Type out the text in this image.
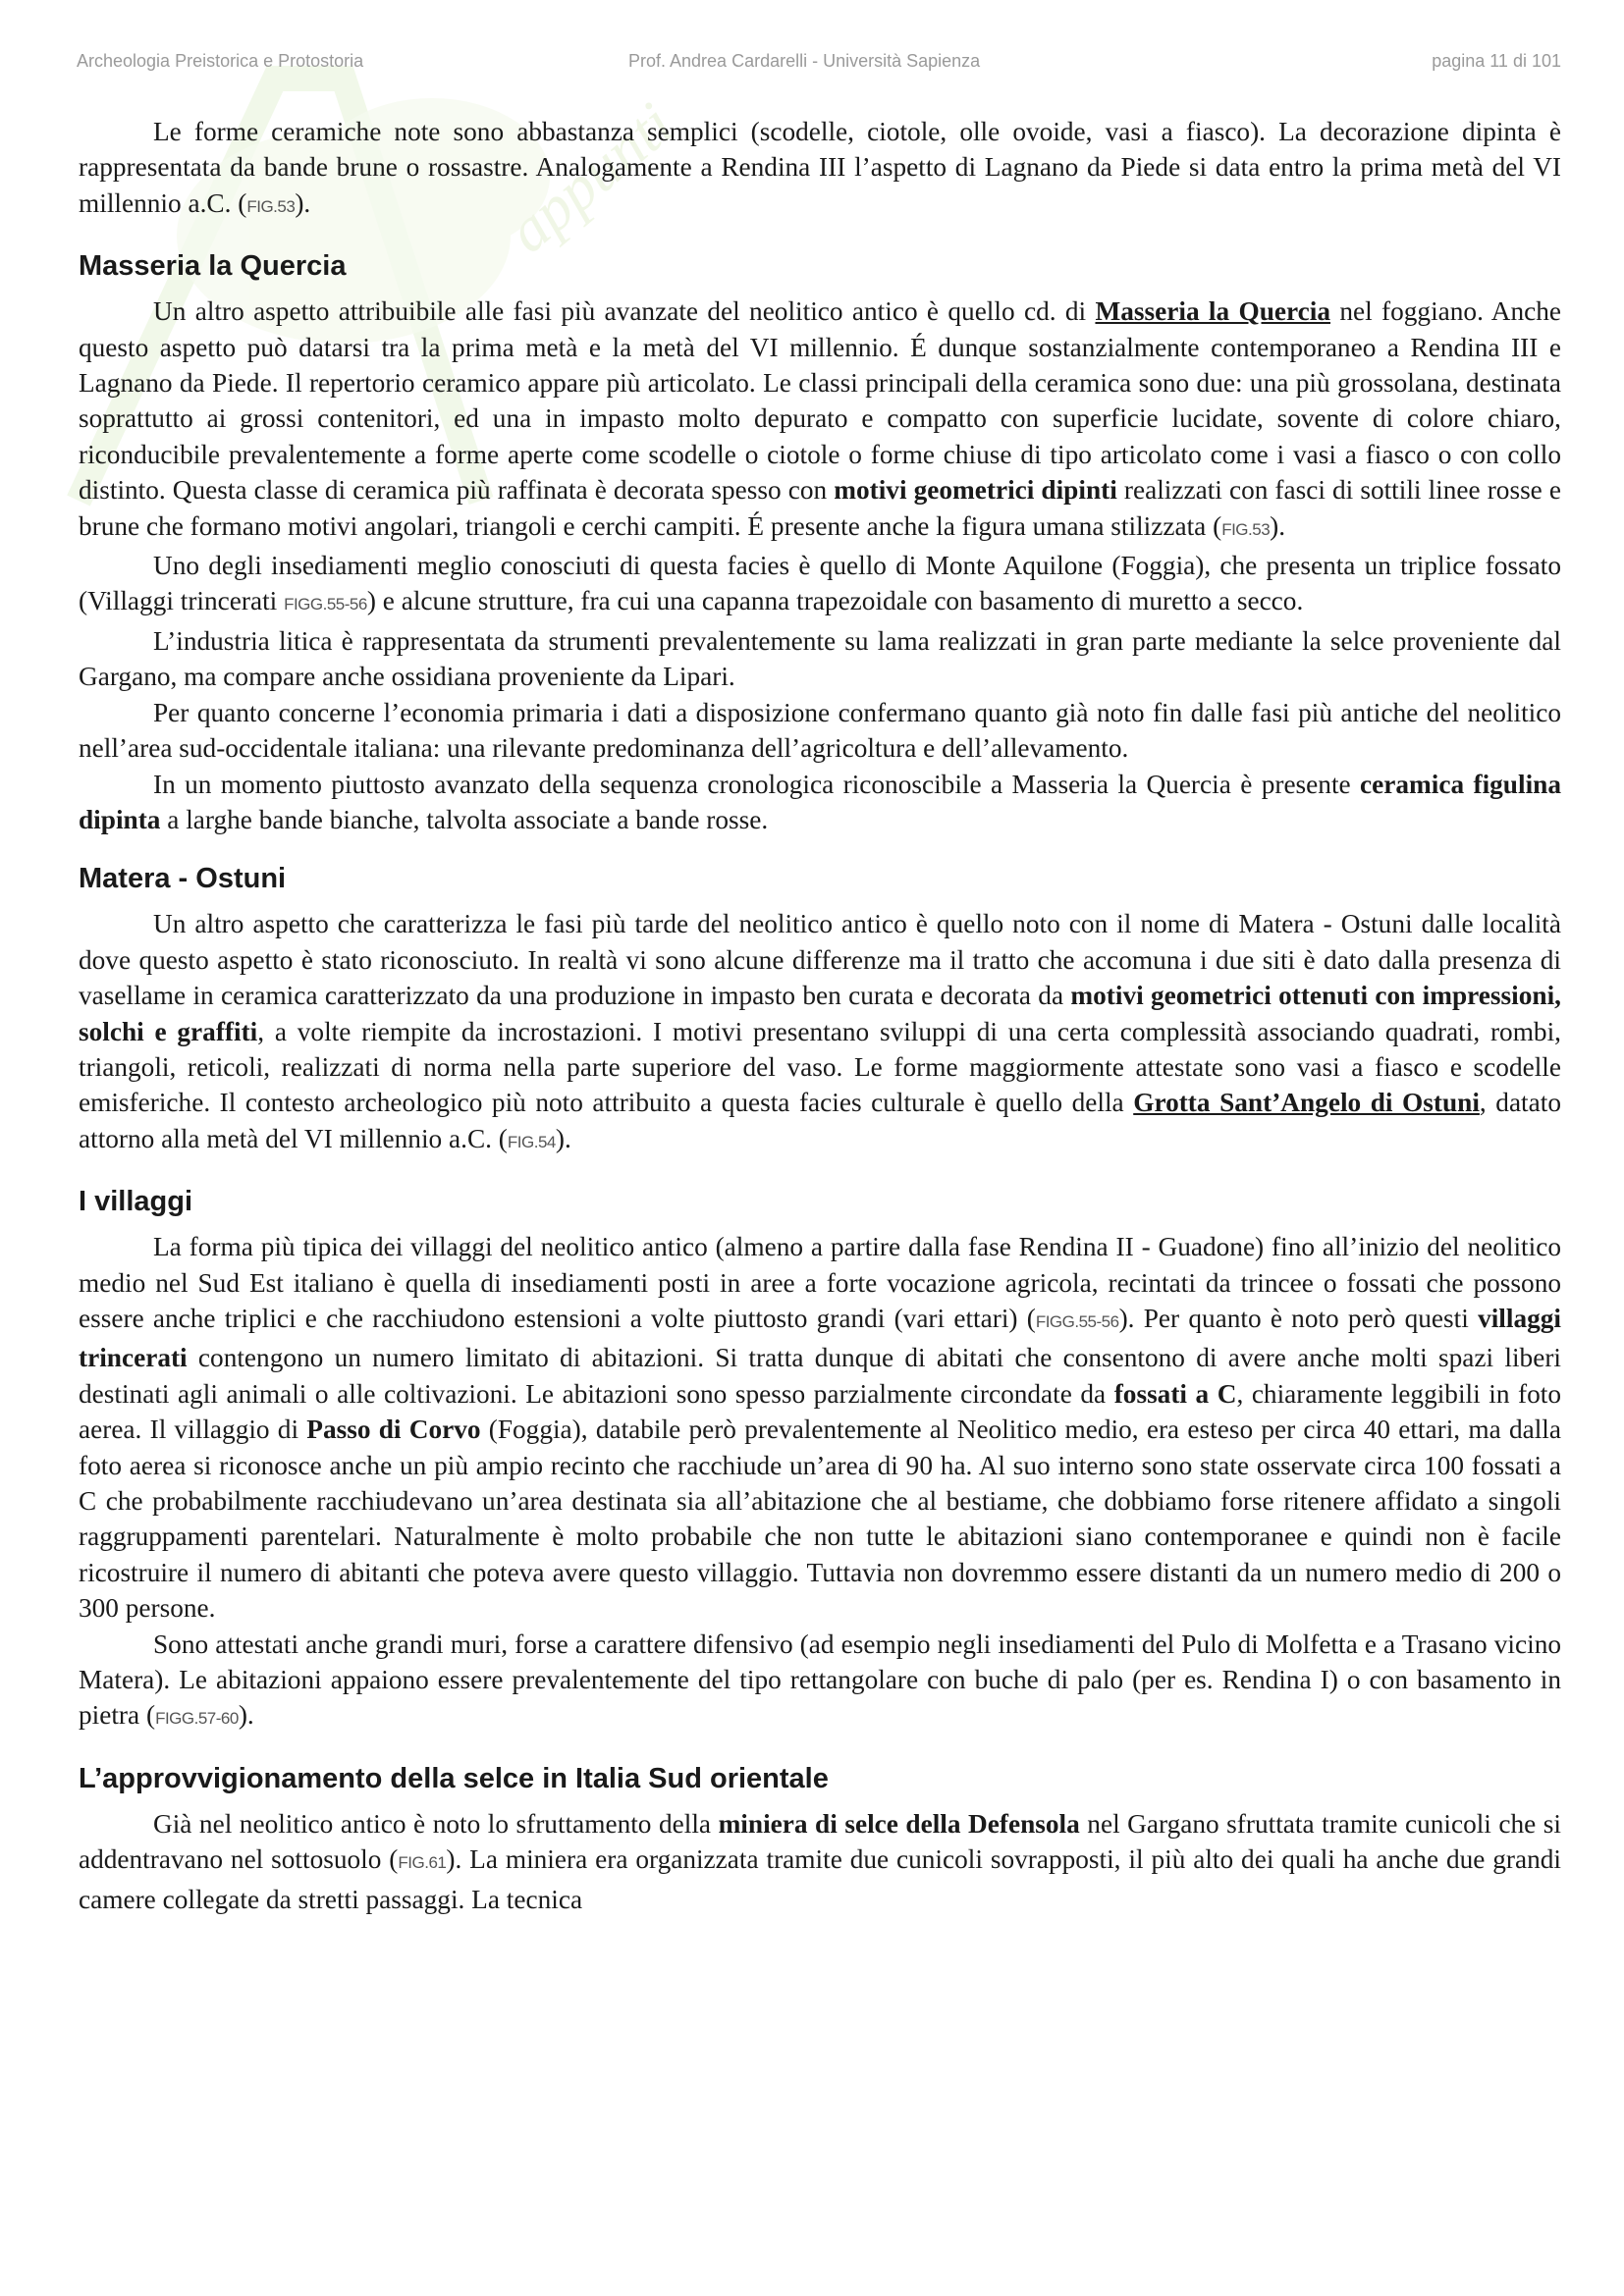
appunti
Archeologia Preistorica e Protostoria	Prof. Andrea Cardarelli - Università Sapienza	pagina 11 di 101

Le forme ceramiche note sono abbastanza semplici (scodelle, ciotole, olle ovoide, vasi a fiasco). La decorazione dipinta è rappresentata da bande brune o rossastre. Analogamente a Rendina III l’aspetto di Lagnano da Piede si data entro la prima metà del VI millennio a.C. (FIG.53).

Masseria la Quercia

Un altro aspetto attribuibile alle fasi più avanzate del neolitico antico è quello cd. di Masseria la Quercia nel foggiano. Anche questo aspetto può datarsi tra la prima metà e la metà del VI millennio. É dunque sostanzialmente contemporaneo a Rendina III e Lagnano da Piede. Il repertorio ceramico appare più articolato. Le classi principali della ceramica sono due: una più grossolana, destinata soprattutto ai grossi contenitori, ed una in impasto molto depurato e compatto con superficie lucidate, sovente di colore chiaro, riconducibile prevalentemente a forme aperte come scodelle o ciotole o forme chiuse di tipo articolato come i vasi a fiasco o con collo distinto. Questa classe di ceramica più raffinata è decorata spesso con motivi geometrici dipinti realizzati con fasci di sottili linee rosse e brune che formano motivi angolari, triangoli e cerchi campiti. É presente anche la figura umana stilizzata (FIG.53).

Uno degli insediamenti meglio conosciuti di questa facies è quello di Monte Aquilone (Foggia), che presenta un triplice fossato (Villaggi trincerati FIGG.55-56) e alcune strutture, fra cui una capanna trapezoidale con basamento di muretto a secco.

L’industria litica è rappresentata da strumenti prevalentemente su lama realizzati in gran parte mediante la selce proveniente dal Gargano, ma compare anche ossidiana proveniente da Lipari.

Per quanto concerne l’economia primaria i dati a disposizione confermano quanto già noto fin dalle fasi più antiche del neolitico nell’area sud-occidentale italiana: una rilevante predominanza dell’agricoltura e dell’allevamento.

In un momento piuttosto avanzato della sequenza cronologica riconoscibile a Masseria la Quercia è presente ceramica figulina dipinta a larghe bande bianche, talvolta associate a bande rosse.

Matera - Ostuni

Un altro aspetto che caratterizza le fasi più tarde del neolitico antico è quello noto con il nome di Matera - Ostuni dalle località dove questo aspetto è stato riconosciuto. In realtà vi sono alcune differenze ma il tratto che accomuna i due siti è dato dalla presenza di vasellame in ceramica caratterizzato da una produzione in impasto ben curata e decorata da motivi geometrici ottenuti con impressioni, solchi e graffiti, a volte riempite da incrostazioni. I motivi presentano sviluppi di una certa complessità associando quadrati, rombi, triangoli, reticoli, realizzati di norma nella parte superiore del vaso. Le forme maggiormente attestate sono vasi a fiasco e scodelle emisferiche. Il contesto archeologico più noto attribuito a questa facies culturale è quello della Grotta Sant’Angelo di Ostuni, datato attorno alla metà del VI millennio a.C. (FIG.54).

I villaggi

La forma più tipica dei villaggi del neolitico antico (almeno a partire dalla fase Rendina II - Guadone) fino all’inizio del neolitico medio nel Sud Est italiano è quella di insediamenti posti in aree a forte vocazione agricola, recintati da trincee o fossati che possono essere anche triplici e che racchiudono estensioni a volte piuttosto grandi (vari ettari) (FIGG.55-56). Per quanto è noto però questi villaggi trincerati contengono un numero limitato di abitazioni. Si tratta dunque di abitati che consentono di avere anche molti spazi liberi destinati agli animali o alle coltivazioni. Le abitazioni sono spesso parzialmente circondate da fossati a C, chiaramente leggibili in foto aerea. Il villaggio di Passo di Corvo (Foggia), databile però prevalentemente al Neolitico medio, era esteso per circa 40 ettari, ma dalla foto aerea si riconosce anche un più ampio recinto che racchiude un’area di 90 ha. Al suo interno sono state osservate circa 100 fossati a C che probabilmente racchiudevano un’area destinata sia all’abitazione che al bestiame, che dobbiamo forse ritenere affidato a singoli raggruppamenti parentelari. Naturalmente è molto probabile che non tutte le abitazioni siano contemporanee e quindi non è facile ricostruire il numero di abitanti che poteva avere questo villaggio. Tuttavia non dovremmo essere distanti da un numero medio di 200 o 300 persone.

Sono attestati anche grandi muri, forse a carattere difensivo (ad esempio negli insediamenti del Pulo di Molfetta e a Trasano vicino Matera). Le abitazioni appaiono essere prevalentemente del tipo rettangolare con buche di palo (per es. Rendina I) o con basamento in pietra (FIGG.57-60).

L’approvvigionamento della selce in Italia Sud orientale

Già nel neolitico antico è noto lo sfruttamento della miniera di selce della Defensola nel Gargano sfruttata tramite cunicoli che si addentravano nel sottosuolo (FIG.61). La miniera era organizzata tramite due cunicoli sovrapposti, il più alto dei quali ha anche due grandi camere collegate da stretti passaggi. La tecnica
